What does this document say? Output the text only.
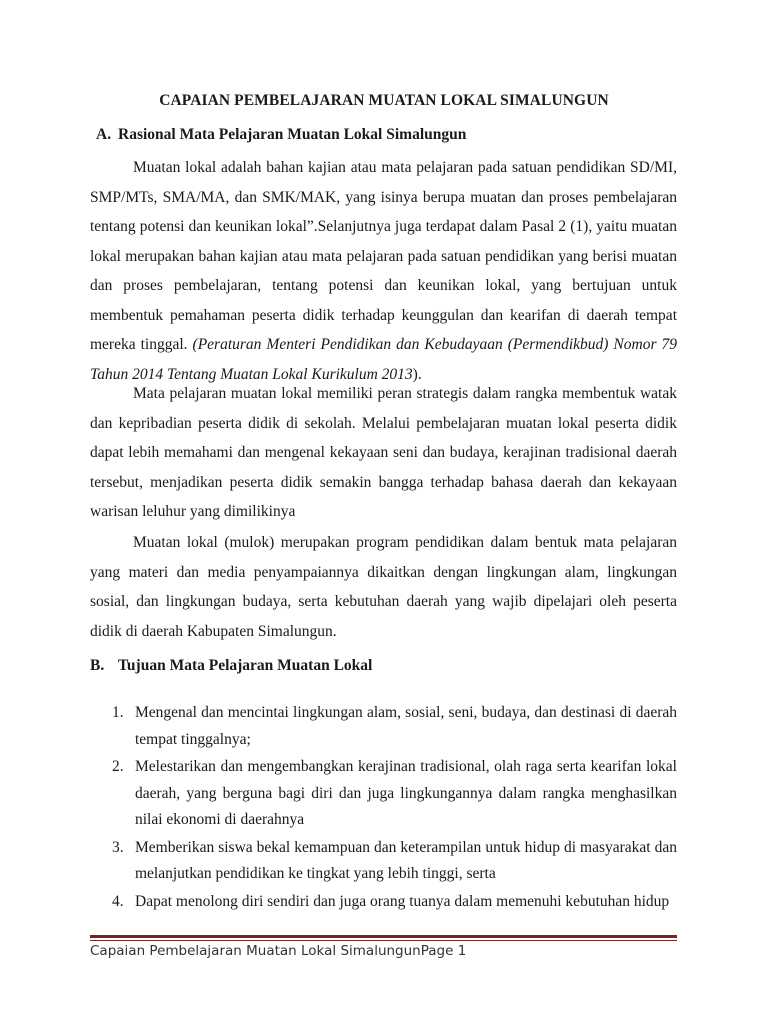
CAPAIAN PEMBELAJARAN MUATAN LOKAL SIMALUNGUN
A. Rasional Mata Pelajaran Muatan Lokal Simalungun

Muatan lokal adalah bahan kajian atau mata pelajaran pada satuan pendidikan SD/MI, SMP/MTs, SMA/MA, dan SMK/MAK, yang isinya berupa muatan dan proses pembelajaran tentang potensi dan keunikan lokal”.Selanjutnya juga terdapat dalam Pasal 2 (1), yaitu muatan lokal merupakan bahan kajian atau mata pelajaran pada satuan pendidikan yang berisi muatan dan proses pembelajaran, tentang potensi dan keunikan lokal, yang bertujuan untuk membentuk pemahaman peserta didik terhadap keunggulan dan kearifan di daerah tempat mereka tinggal. (Peraturan Menteri Pendidikan dan Kebudayaan (Permendikbud) Nomor 79 Tahun 2014 Tentang Muatan Lokal Kurikulum 2013).

Mata pelajaran muatan lokal memiliki peran strategis dalam rangka membentuk watak dan kepribadian peserta didik di sekolah. Melalui pembelajaran muatan lokal peserta didik dapat lebih memahami dan mengenal kekayaan seni dan budaya, kerajinan tradisional daerah tersebut, menjadikan peserta didik semakin bangga terhadap bahasa daerah dan kekayaan warisan leluhur yang dimilikinya

Muatan lokal (mulok) merupakan program pendidikan dalam bentuk mata pelajaran yang materi dan media penyampaiannya dikaitkan dengan lingkungan alam, lingkungan sosial, dan lingkungan budaya, serta kebutuhan daerah yang wajib dipelajari oleh peserta didik di daerah Kabupaten Simalungun.

B. Tujuan Mata Pelajaran Muatan Lokal
1. Mengenal dan mencintai lingkungan alam, sosial, seni, budaya, dan destinasi di daerah tempat tinggalnya;
2. Melestarikan dan mengembangkan kerajinan tradisional, olah raga serta kearifan lokal daerah, yang berguna bagi diri dan juga lingkungannya dalam rangka menghasilkan nilai ekonomi di daerahnya
3. Memberikan siswa bekal kemampuan dan keterampilan untuk hidup di masyarakat dan melanjutkan pendidikan ke tingkat yang lebih tinggi, serta
4. Dapat menolong diri sendiri dan juga orang tuanya dalam memenuhi kebutuhan hidup
Capaian Pembelajaran Muatan Lokal SimalungunPage 1
